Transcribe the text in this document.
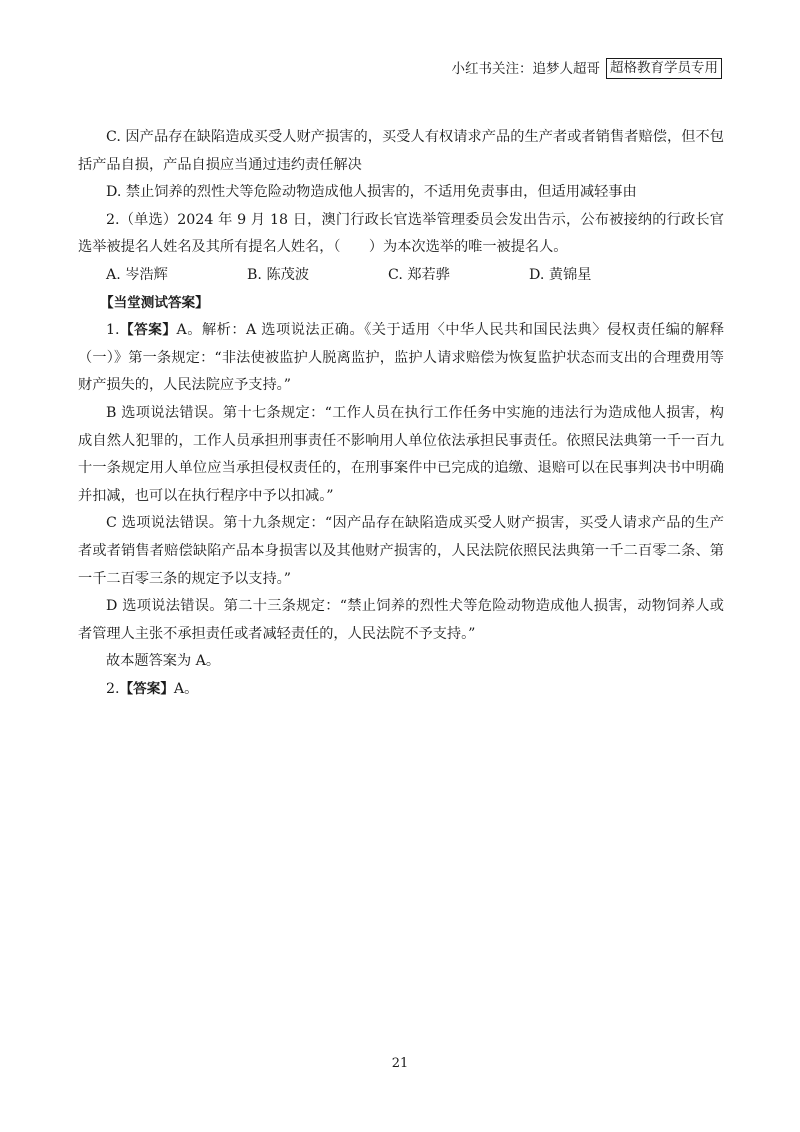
小红书关注：追梦人超哥 超格教育学员专用

C. 因产品存在缺陷造成买受人财产损害的，买受人有权请求产品的生产者或者销售者赔偿，但不包括产品自损，产品自损应当通过违约责任解决

D. 禁止饲养的烈性犬等危险动物造成他人损害的，不适用免责事由，但适用减轻事由

2.（单选）2024 年 9 月 18 日，澳门行政长官选举管理委员会发出告示，公布被接纳的行政长官选举被提名人姓名及其所有提名人姓名，（　　）为本次选举的唯一被提名人。

A. 岑浩辉	B. 陈茂波	C. 郑若骅	D. 黄锦星

【当堂测试答案】

1.【答案】A。解析：A 选项说法正确。《关于适用〈中华人民共和国民法典〉侵权责任编的解释（一）》第一条规定：“非法使被监护人脱离监护，监护人请求赔偿为恢复监护状态而支出的合理费用等财产损失的，人民法院应予支持。”

B 选项说法错误。第十七条规定：“工作人员在执行工作任务中实施的违法行为造成他人损害，构成自然人犯罪的，工作人员承担刑事责任不影响用人单位依法承担民事责任。依照民法典第一千一百九十一条规定用人单位应当承担侵权责任的，在刑事案件中已完成的追缴、退赔可以在民事判决书中明确并扣减，也可以在执行程序中予以扣减。”

C 选项说法错误。第十九条规定：“因产品存在缺陷造成买受人财产损害，买受人请求产品的生产者或者销售者赔偿缺陷产品本身损害以及其他财产损害的，人民法院依照民法典第一千二百零二条、第一千二百零三条的规定予以支持。”

D 选项说法错误。第二十三条规定：“禁止饲养的烈性犬等危险动物造成他人损害，动物饲养人或者管理人主张不承担责任或者减轻责任的，人民法院不予支持。”

故本题答案为 A。

2.【答案】A。

21
